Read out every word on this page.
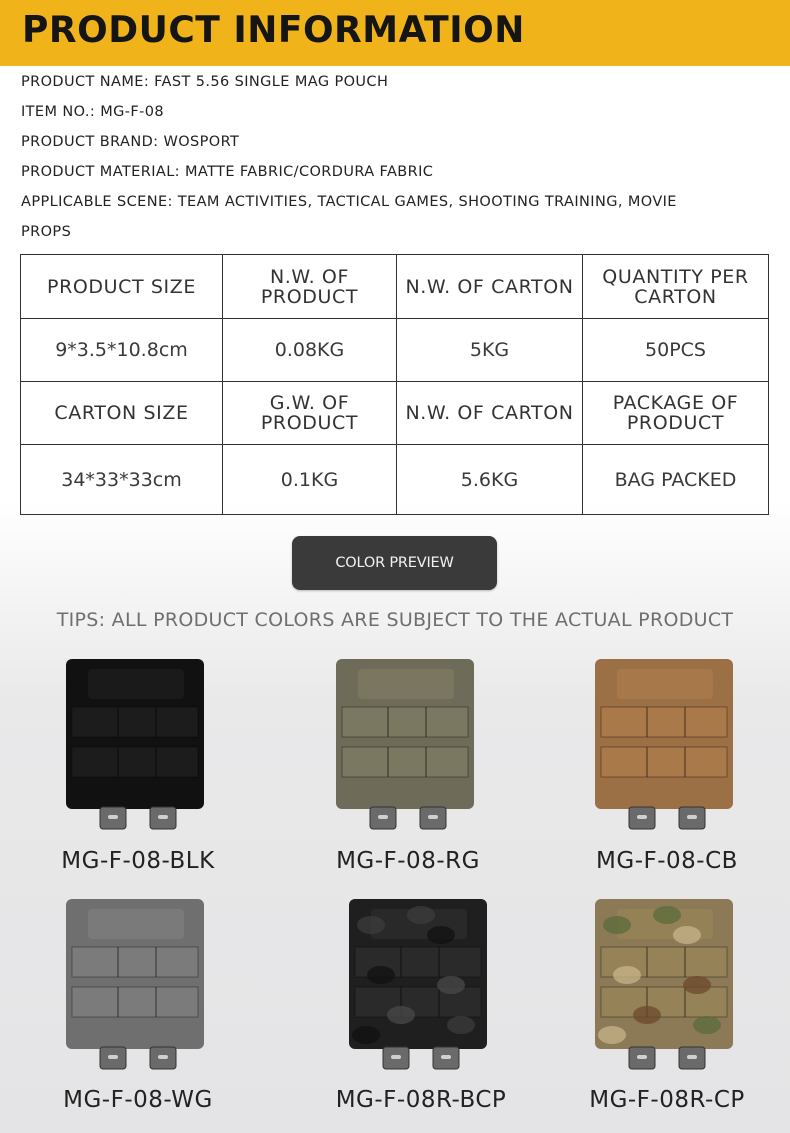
PRODUCT INFORMATION
PRODUCT NAME: FAST 5.56 SINGLE MAG POUCH
ITEM NO.: MG-F-08
PRODUCT BRAND: WOSPORT
PRODUCT MATERIAL: MATTE FABRIC/CORDURA FABRIC
APPLICABLE SCENE: TEAM ACTIVITIES, TACTICAL GAMES, SHOOTING TRAINING, MOVIE
PROPS
PRODUCT SIZE	N.W. OF PRODUCT	N.W. OF CARTON	QUANTITY PER CARTON
9*3.5*10.8cm	0.08KG	5KG	50PCS
CARTON SIZE	G.W. OF PRODUCT	N.W. OF CARTON	PACKAGE OF PRODUCT
34*33*33cm	0.1KG	5.6KG	BAG PACKED
COLOR PREVIEW
TIPS: ALL PRODUCT COLORS ARE SUBJECT TO THE ACTUAL PRODUCT
MG-F-08-BLK	MG-F-08-RG	MG-F-08-CB
MG-F-08-WG	MG-F-08R-BCP	MG-F-08R-CP
